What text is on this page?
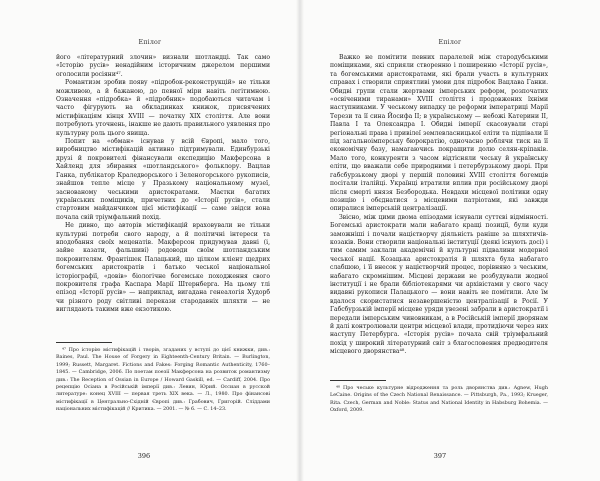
Епілог

його «літературний злочин» визнали шотландці. Так само «Історію русів» ненадійним історичним джерелом першими оголосили росіяни⁴⁷.

Романтизм зробив появу «підробок-реконструкцій» не тільки можливою, а й бажаною, до певної міри навіть легітимною. Означення «підробка» й «підробник» подобаються читачам і часто фігурують на обкладинках книжок, присвячених містифікаціям кінця XVIII — початку XIX століття. Але вони потребують уточнень, інакше не дають правильного уявлення про культурну роль цього явища.

Попит на «обман» існував у всій Європі, мало того, виробництво містифікацій активно підтримували. Единбурзькі друзі й покровителі фінансували експедицію Макферсона в Хайленд для збирання «шотландського» фольклору. Вацлав Ганка, публікатор Краледворського і Зеленогорського рукописів, знайшов тепле місце у Празькому національному музеї, заснованому чеськими аристократами. Маєтки багатих українських поміщиків, причетних до «Історії русів», стали стартовим майданчиком цієї містифікації — саме звідси вона почала свій тріумфальний похід.

Не дивно, що авторів містифікацій враховували не тільки культурні потреби свого народу, а й політичні інтереси та вподобання своїх меценатів. Макферсон придумував давні (і, зайве казати, фальшиві) родоводи своїм шотландським покровителям. Франтішек Палацький, що цілком кліент щедрих богемських аристократів і батько чеської національної історіографії, «довів» біологічне богемське походження свого покровителя графа Каспара Марії Штернберга. На цьому тлі епізод «Історії русів» — наприклад, вигадана генеалогія Худорб чи різного роду світливі перекази стародавніх шляхти — не виглядають такими вже екзотикою.

⁴⁷ Про історію містифікацій і творів, згаданих у вступі до цієї книжки, див.: Baines, Paul. The House of Forgery in Eighteenth-Century Britain. — Burlington, 1999; Russett, Margaret. Fictions and Fakes: Forging Romantic Authenticity, 1760–1845. — Cambridge, 2006. По поетам поезії Макферсона на розвиток романтизму див.: The Reception of Ossian in Europe / Howard Gaskill, ed. — Cardiff, 2004. Про рецепцію Осіана в Російській імперії див.: Левин, Юрий. Оссиан в русской литературе: конец XVIII — первая треть XIX века. — Л., 1980. Про фінансові містифікації в Центрально-Східній Європі див.: Грабович, Григорій. Сліддами національних містифікацій // Критика. — 2001. — № 6. — С. 14–23.

396
Епілог

Важко не помітити певних паралелей між стародубськими поміщиками, які сприяли створенню і поширенню «Історії русів», та богемськими аристократами, які брали участь в культурних справах і створили сприятливі умови для підробок Вацлава Ганки. Обидві групи стали жертвами імперських реформ, розпочатих «освіченими тиранами» XVIII століття і продовжених їхніми наступниками. У чеському випадку це реформи імператриці Марії Терези та її сина Йосифа II; в українському — небожі Катерини II, Павла I та Олександра I. Обидві імперії скасовували старі регіональні права і привілеї землевласницької еліти та підпівали її під загальноімперську бюрократію, одночасно роблячи тиск на її економічну базу, намагаючись покращити долю селян-кріпаків. Мало того, конкуренти з часом відтісняли чеську й українську еліти, що вважали себе природними і петербурзькому дворі. При габсбурзькому дворі у першій половині XVIII століття богемців посітали італійці. Українці втратили вплив при російському дворі після смерті князя Безбородька. Невдахи місцевої політики одну позицію і обєднатися з місцевими патріотами, які завжди опиралися імперській централізації.

Звісно, між цими двома епізодами існували суттєві відмінності. Богемські аристократи мали набагато кращі позиції, були куди заможніші і почали націєтворчу діяльність раніше за шляхтичів-козаків. Вони створили національні інституції (деякі існують досі) і тим самим заклали академічні й культурні підвалини модерної чеської нації. Козацька аристократія й шляхта була набагато слабшою, і її внесок у націєтворчий процес, порівняно з чеським, набагато скромнішим. Місцеві держави не розбудували жодної інституції і не брали бібліотекарями чи архівістами у свого часу видавні рукописи Палацького — вони навіть не помітили. Але їм вдалося скористатися незавершеністю централізації в Росії. У Габсбурзькій імперії місцеве уряди увезені забрали в аристократії і передали імперським чиновникам, а в Російській імперії дворянам й далі контролювали центри місцевої влади, протидіючи через них наступу Петербурга. «Історія русів» почала свій тріумфальний похід у широкий літературний світ з благословення предводителя місцевого дворянства⁴⁸.

⁴⁸ Про чеське культурне відродження та роль дворянства див.: Agnew, Hugh LeCaine. Origins of the Czech National Renaissance. — Pittsburgh, Pa., 1993; Krueger, Rita. Czech, German and Noble: Status and National Identity in Habsburg Bohemia. — Oxford, 2009.

397
